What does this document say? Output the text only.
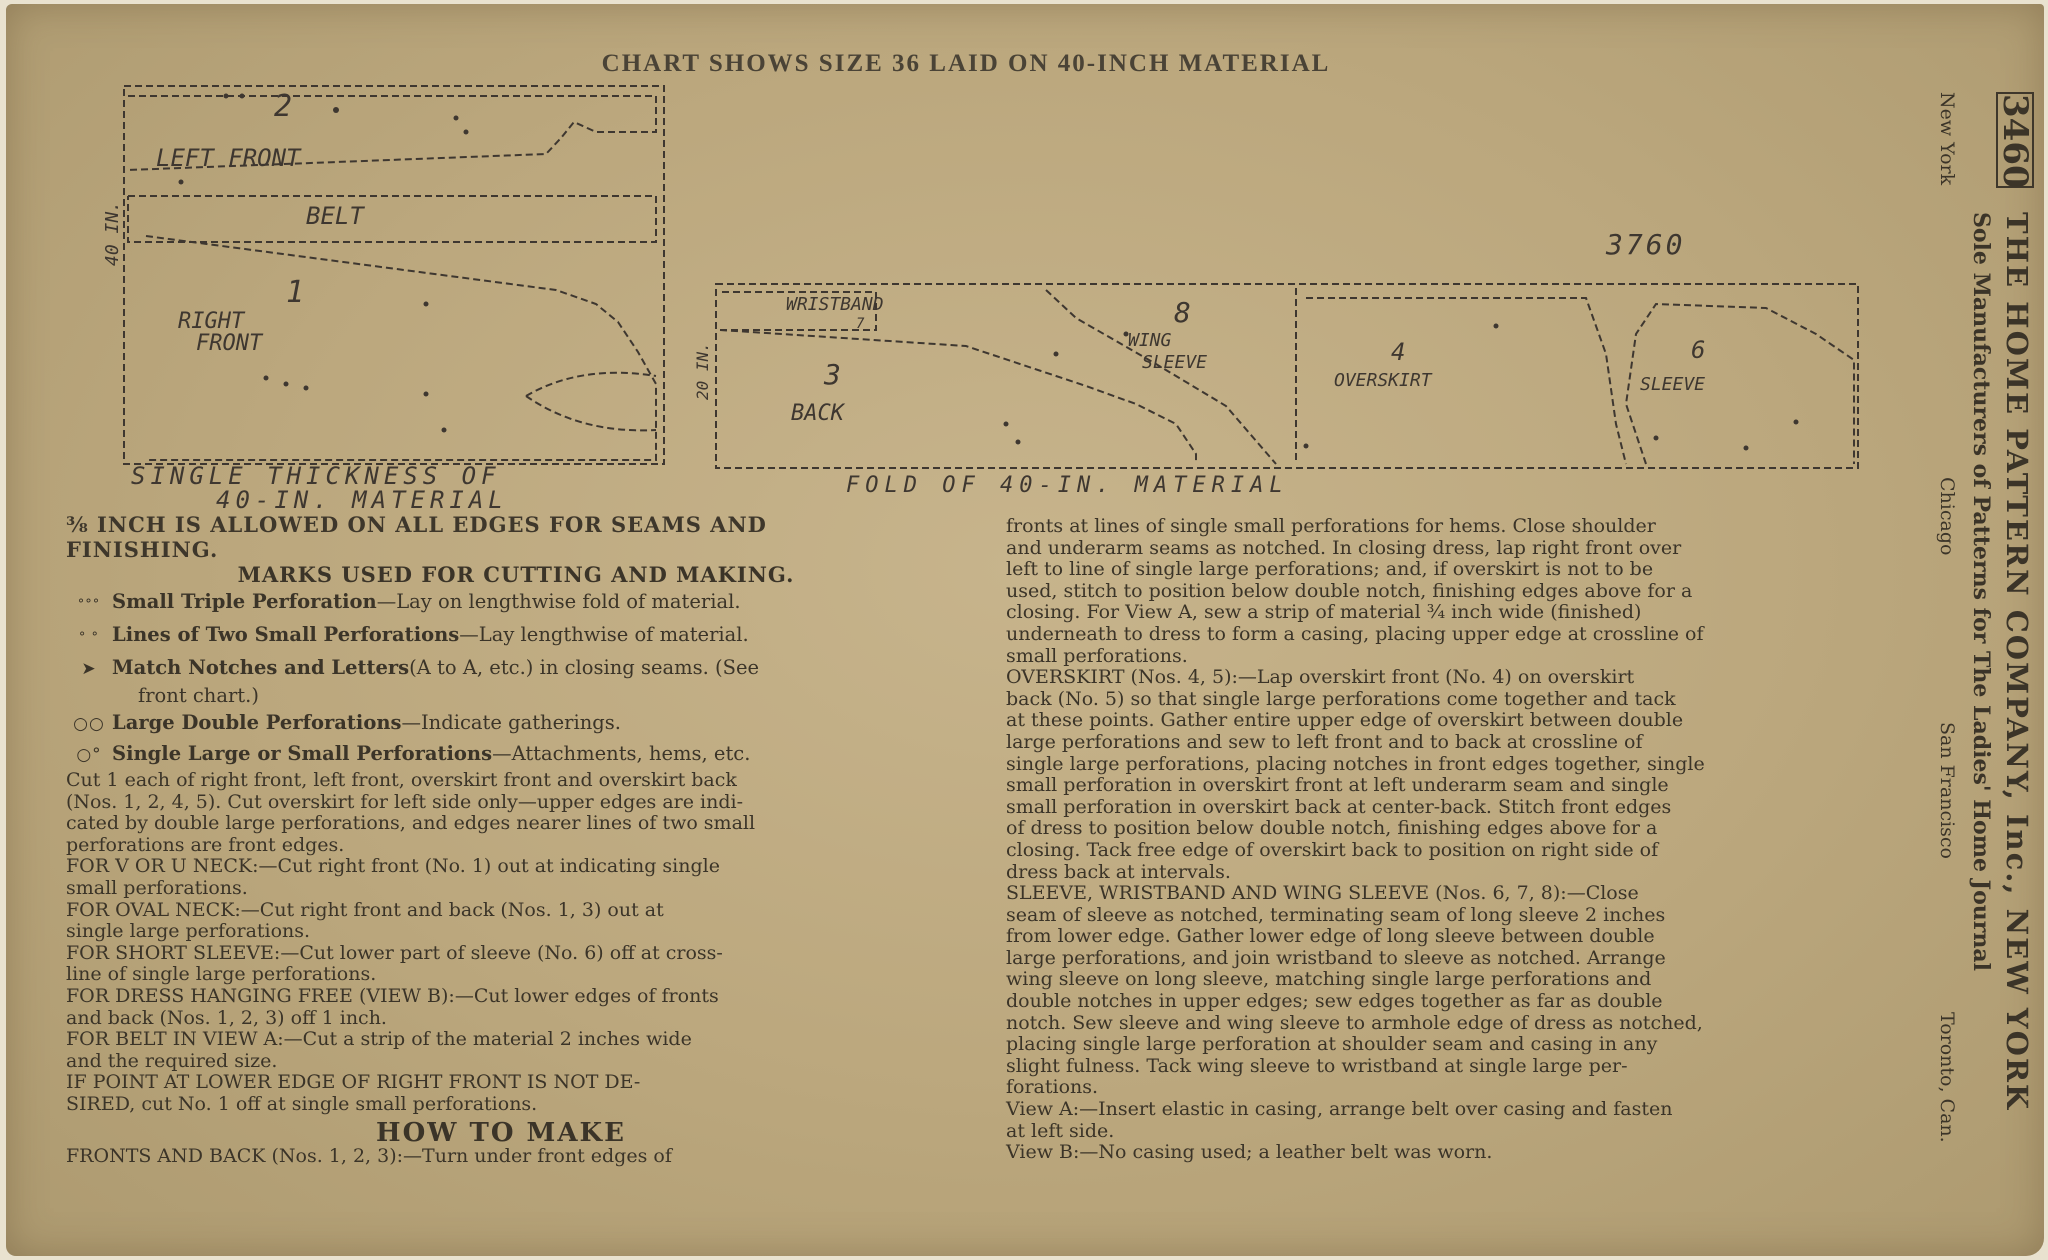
CHART SHOWS SIZE 36 LAID ON 40-INCH MATERIAL
2
LEFT FRONT
BELT
1
RIGHT
FRONT
40 IN.
SINGLE THICKNESS OF
40-IN. MATERIAL
WRISTBAND
7
3
BACK
8
WING
SLEEVE	4
OVERSKIRT
6
SLEEVE
20 IN.
FOLD OF 40-IN. MATERIAL
3760
⅜ INCH IS ALLOWED ON ALL EDGES FOR SEAMS AND
FINISHING.
MARKS USED FOR CUTTING AND MAKING.
°°° Small Triple Perforation —Lay on lengthwise fold of material.
° ° Lines of Two Small Perforations —Lay lengthwise of material.
➤ Match Notches and Letters (A to A, etc.) in closing seams. (See
front chart.)
○○ Large Double Perforations —Indicate gatherings.
○° Single Large or Small Perforations —Attachments, hems, etc.
Cut 1 each of right front, left front, overskirt front and overskirt back
(Nos. 1, 2, 4, 5). Cut overskirt for left side only—upper edges are indi-
cated by double large perforations, and edges nearer lines of two small
perforations are front edges.
FOR V OR U NECK:—Cut right front (No. 1) out at indicating single
small perforations.
FOR OVAL NECK:—Cut right front and back (Nos. 1, 3) out at
single large perforations.
FOR SHORT SLEEVE:—Cut lower part of sleeve (No. 6) off at cross-
line of single large perforations.
FOR DRESS HANGING FREE (VIEW B):—Cut lower edges of fronts
and back (Nos. 1, 2, 3) off 1 inch.
FOR BELT IN VIEW A:—Cut a strip of the material 2 inches wide
and the required size.
IF POINT AT LOWER EDGE OF RIGHT FRONT IS NOT DE-
SIRED, cut No. 1 off at single small perforations.
HOW TO MAKE
FRONTS AND BACK (Nos. 1, 2, 3):—Turn under front edges of
fronts at lines of single small perforations for hems. Close shoulder
and underarm seams as notched. In closing dress, lap right front over
left to line of single large perforations; and, if overskirt is not to be
used, stitch to position below double notch, finishing edges above for a
closing. For View A, sew a strip of material ¾ inch wide (finished)
underneath to dress to form a casing, placing upper edge at crossline of
small perforations.
OVERSKIRT (Nos. 4, 5):—Lap overskirt front (No. 4) on overskirt
back (No. 5) so that single large perforations come together and tack
at these points. Gather entire upper edge of overskirt between double
large perforations and sew to left front and to back at crossline of
single large perforations, placing notches in front edges together, single
small perforation in overskirt front at left underarm seam and single
small perforation in overskirt back at center-back. Stitch front edges
of dress to position below double notch, finishing edges above for a
closing. Tack free edge of overskirt back to position on right side of
dress back at intervals.
SLEEVE, WRISTBAND AND WING SLEEVE (Nos. 6, 7, 8):—Close
seam of sleeve as notched, terminating seam of long sleeve 2 inches
from lower edge. Gather lower edge of long sleeve between double
large perforations, and join wristband to sleeve as notched. Arrange
wing sleeve on long sleeve, matching single large perforations and
double notches in upper edges; sew edges together as far as double
notch. Sew sleeve and wing sleeve to armhole edge of dress as notched,
placing single large perforation at shoulder seam and casing in any
slight fulness. Tack wing sleeve to wristband at single large per-
forations.
View A:—Insert elastic in casing, arrange belt over casing and fasten
at left side.
View B:—No casing used; a leather belt was worn.
3460
THE HOME PATTERN COMPANY, Inc., NEW YORK
Sole Manufacturers of Patterns for The Ladies' Home Journal
New York
Chicago
San Francisco
Toronto, Can.
